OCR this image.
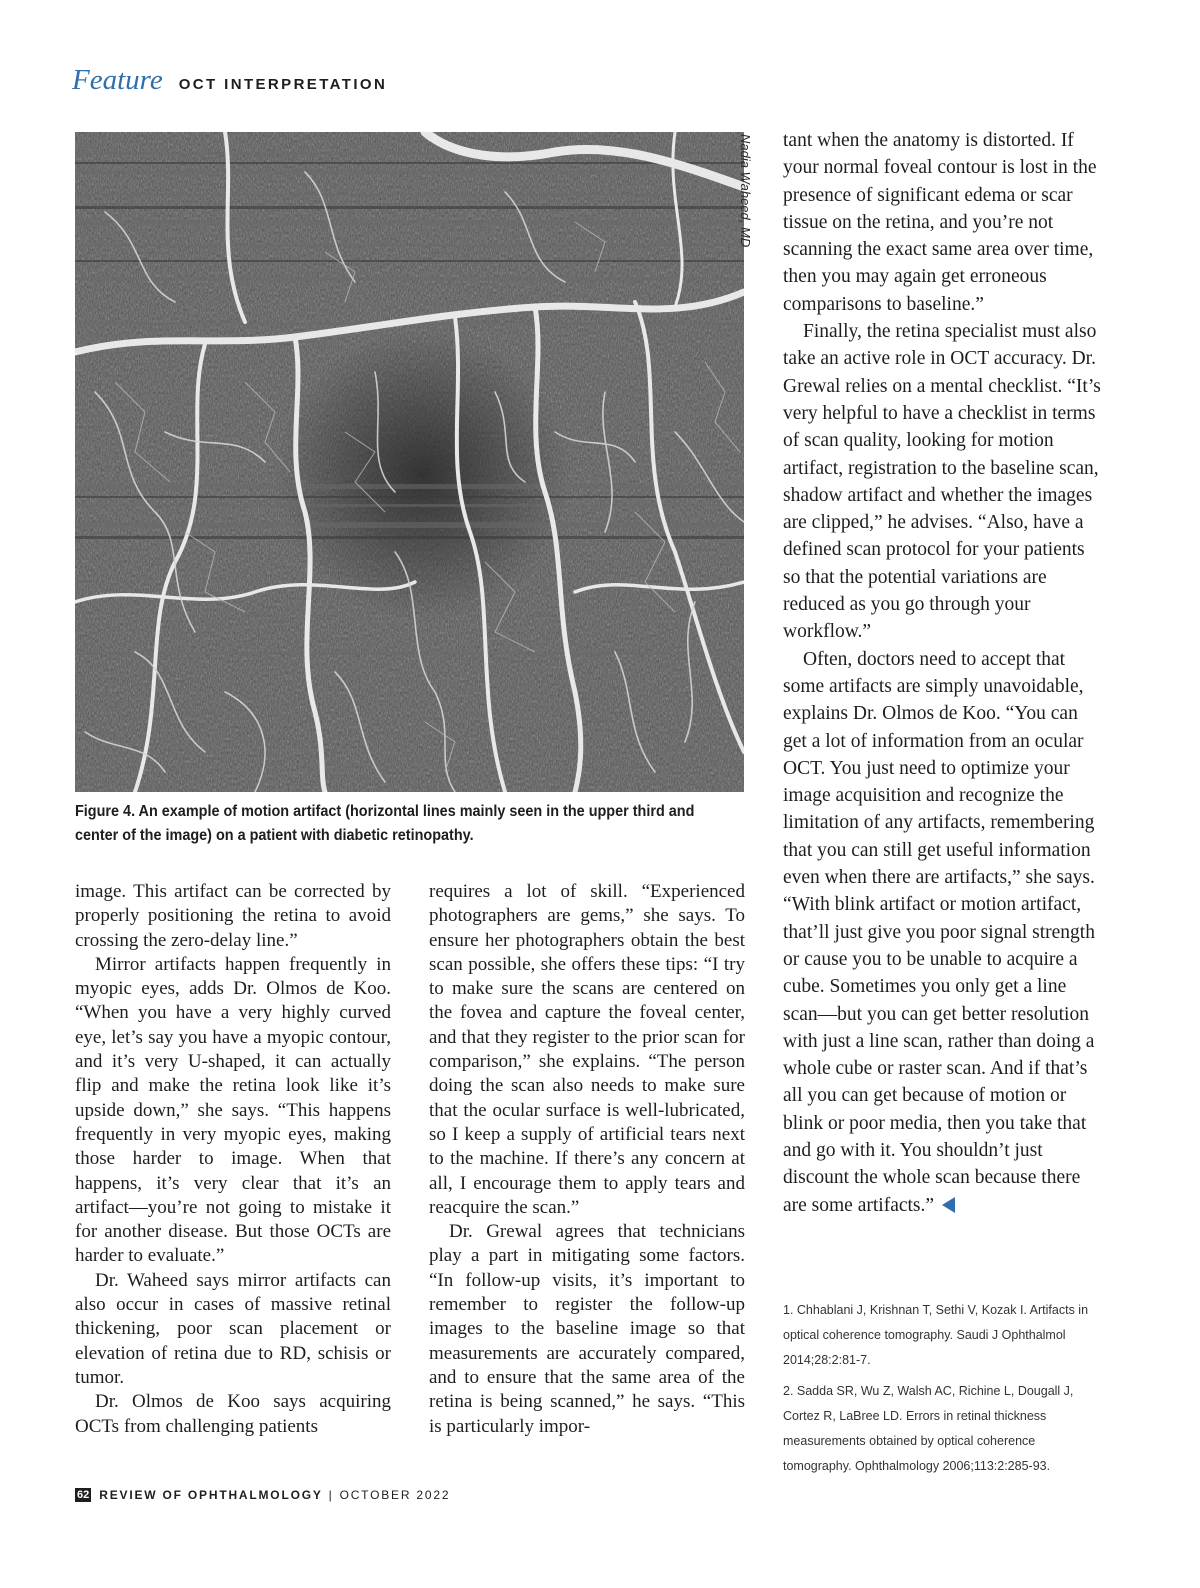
Feature OCT INTERPRETATION
Nadia Waheed, MD
Figure 4. An example of motion artifact (horizontal lines mainly seen in the upper third and center of the image) on a patient with diabetic retinopathy.

image. This artifact can be corrected by properly positioning the retina to avoid crossing the zero-delay line.”

Mirror artifacts happen frequently in myopic eyes, adds Dr. Olmos de Koo. “When you have a very highly curved eye, let’s say you have a myopic contour, and it’s very U-shaped, it can actually flip and make the retina look like it’s upside down,” she says. “This happens frequently in very myopic eyes, making those harder to image. When that happens, it’s very clear that it’s an artifact—you’re not going to mistake it for another disease. But those OCTs are harder to evaluate.”

Dr. Waheed says mirror artifacts can also occur in cases of massive retinal thickening, poor scan placement or elevation of retina due to RD, schisis or tumor.

Dr. Olmos de Koo says acquiring OCTs from challenging patients

requires a lot of skill. “Experienced photographers are gems,” she says. To ensure her photographers obtain the best scan possible, she offers these tips: “I try to make sure the scans are centered on the fovea and capture the foveal center, and that they register to the prior scan for comparison,” she explains. “The person doing the scan also needs to make sure that the ocular surface is well-lubricated, so I keep a supply of artificial tears next to the machine. If there’s any concern at all, I encourage them to apply tears and reacquire the scan.”

Dr. Grewal agrees that technicians play a part in mitigating some factors. “In follow-up visits, it’s important to remember to register the follow-up images to the baseline image so that measurements are accurately compared, and to ensure that the same area of the retina is being scanned,” he says. “This is particularly impor-

tant when the anatomy is distorted. If your normal foveal contour is lost in the presence of significant edema or scar tissue on the retina, and you’re not scanning the exact same area over time, then you may again get erroneous comparisons to baseline.”

Finally, the retina specialist must also take an active role in OCT accuracy. Dr. Grewal relies on a mental checklist. “It’s very helpful to have a checklist in terms of scan quality, looking for motion artifact, registration to the baseline scan, shadow artifact and whether the images are clipped,” he advises. “Also, have a defined scan protocol for your patients so that the potential variations are reduced as you go through your workflow.”

Often, doctors need to accept that some artifacts are simply unavoidable, explains Dr. Olmos de Koo. “You can get a lot of information from an ocular OCT. You just need to optimize your image acquisition and recognize the limitation of any artifacts, remembering that you can still get useful information even when there are artifacts,” she says. “With blink artifact or motion artifact, that’ll just give you poor signal strength or cause you to be unable to acquire a cube. Sometimes you only get a line scan—but you can get better resolution with just a line scan, rather than doing a whole cube or raster scan. And if that’s all you can get because of motion or blink or poor media, then you take that and go with it. You shouldn’t just discount the whole scan because there are some artifacts.”

1. Chhablani J, Krishnan T, Sethi V, Kozak I. Artifacts in optical coherence tomography. Saudi J Ophthalmol 2014;28:2:81-7.

2. Sadda SR, Wu Z, Walsh AC, Richine L, Dougall J, Cortez R, LaBree LD. Errors in retinal thickness measurements obtained by optical coherence tomography. Ophthalmology 2006;113:2:285-93.

62 REVIEW OF OPHTHALMOLOGY | OCTOBER 2022
